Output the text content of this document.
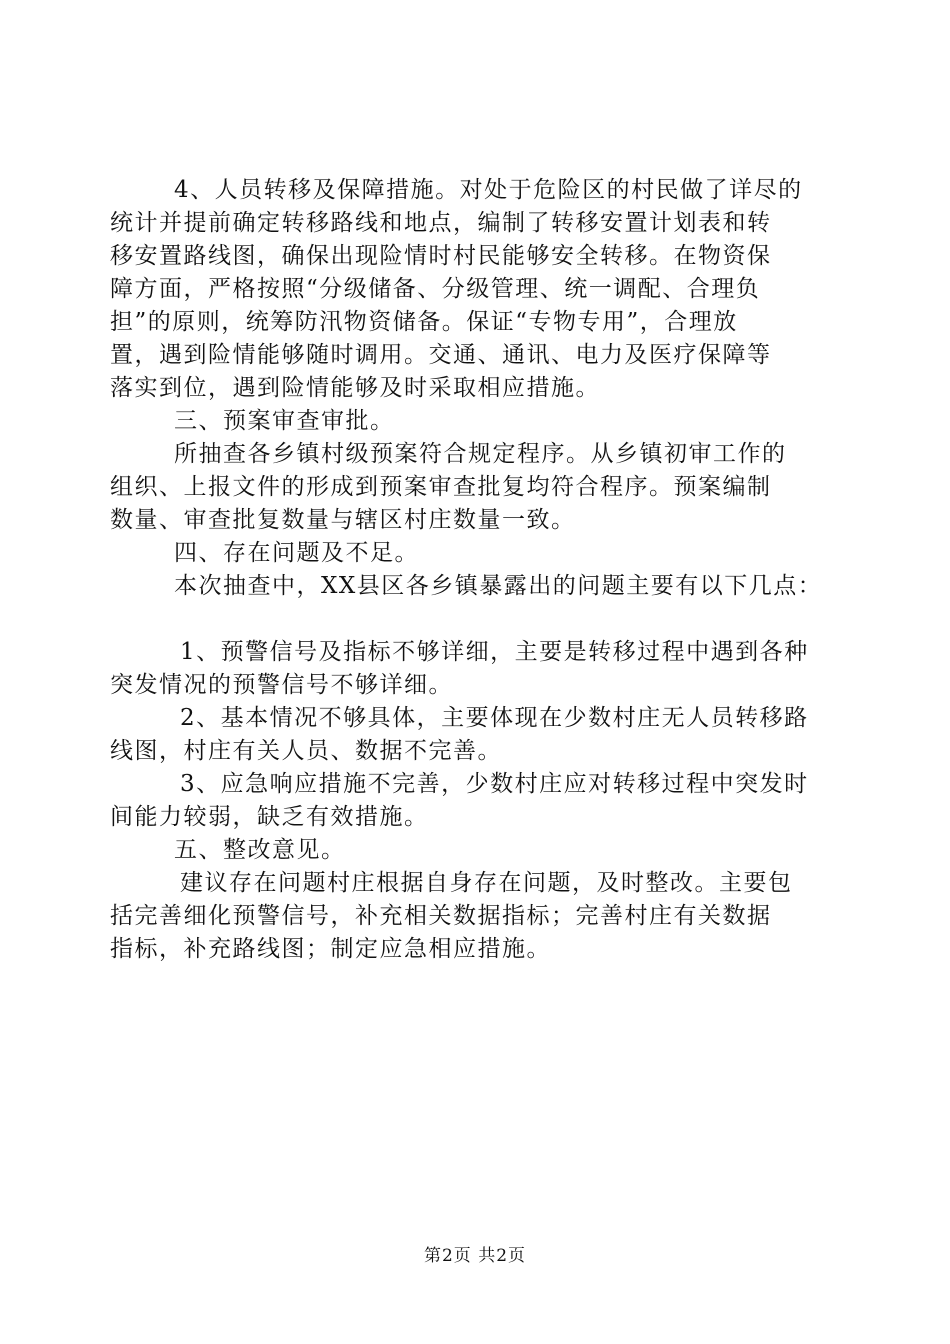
4、人员转移及保障措施。对处于危险区的村民做了详尽的
统计并提前确定转移路线和地点，编制了转移安置计划表和转
移安置路线图，确保出现险情时村民能够安全转移。在物资保
障方面，严格按照“分级储备、分级管理、统一调配、合理负
担”的原则，统筹防汛物资储备。保证“专物专用”，合理放
置，遇到险情能够随时调用。交通、通讯、电力及医疗保障等
落实到位，遇到险情能够及时采取相应措施。
三、预案审查审批。
所抽查各乡镇村级预案符合规定程序。从乡镇初审工作的
组织、上报文件的形成到预案审查批复均符合程序。预案编制
数量、审查批复数量与辖区村庄数量一致。
四、存在问题及不足。
本次抽查中，XX县区各乡镇暴露出的问题主要有以下几点：
1、预警信号及指标不够详细，主要是转移过程中遇到各种
突发情况的预警信号不够详细。
2、基本情况不够具体，主要体现在少数村庄无人员转移路
线图，村庄有关人员、数据不完善。
3、应急响应措施不完善，少数村庄应对转移过程中突发时
间能力较弱，缺乏有效措施。
五、整改意见。
建议存在问题村庄根据自身存在问题，及时整改。主要包
括完善细化预警信号，补充相关数据指标；完善村庄有关数据
指标，补充路线图；制定应急相应措施。
第2页 共2页
